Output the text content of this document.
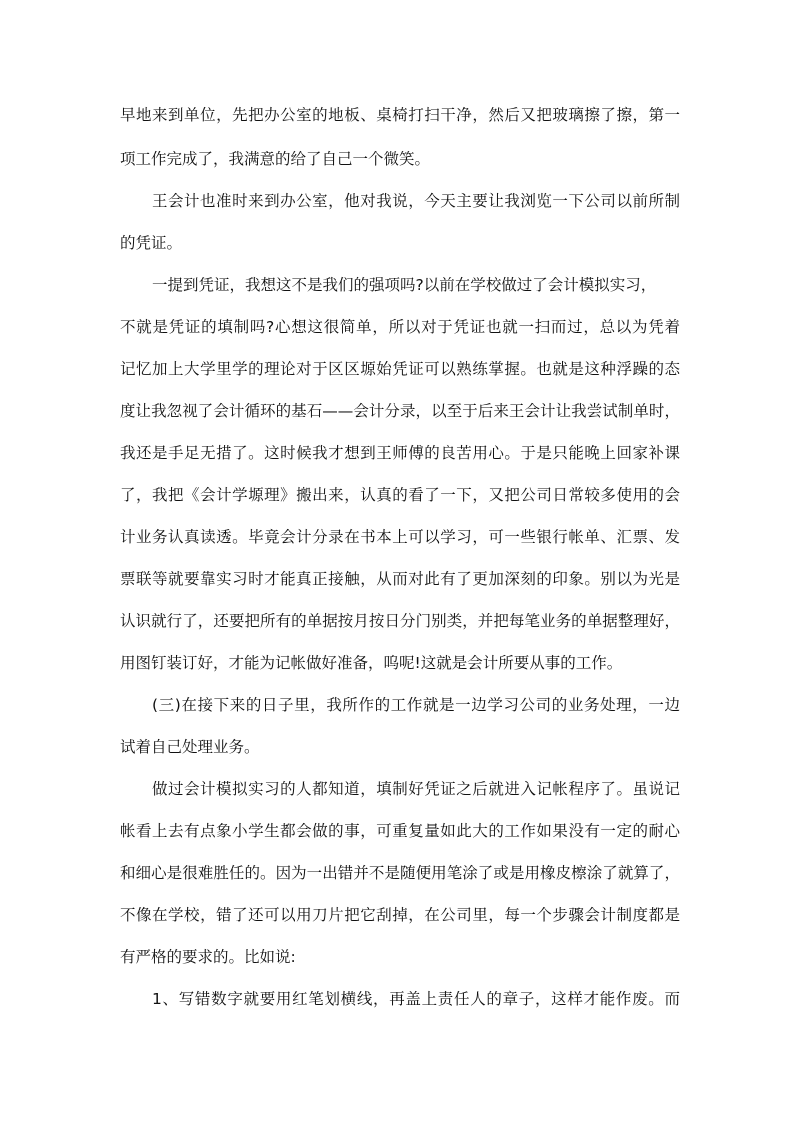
早地来到单位，先把办公室的地板、桌椅打扫干净，然后又把玻璃擦了擦，第一
项工作完成了，我满意的给了自己一个微笑。
王会计也准时来到办公室，他对我说，今天主要让我浏览一下公司以前所制
的凭证。
一提到凭证，我想这不是我们的强项吗?以前在学校做过了会计模拟实习，
不就是凭证的填制吗?心想这很简单，所以对于凭证也就一扫而过，总以为凭着
记忆加上大学里学的理论对于区区塬始凭证可以熟练掌握。也就是这种浮躁的态
度让我忽视了会计循环的基石——会计分录，以至于后来王会计让我尝试制单时，
我还是手足无措了。这时候我才想到王师傅的良苦用心。于是只能晚上回家补课
了，我把《会计学塬理》搬出来，认真的看了一下，又把公司日常较多使用的会
计业务认真读透。毕竟会计分录在书本上可以学习，可一些银行帐单、汇票、发
票联等就要靠实习时才能真正接触，从而对此有了更加深刻的印象。别以为光是
认识就行了，还要把所有的单据按月按日分门别类，并把每笔业务的单据整理好，
用图钉装订好，才能为记帐做好准备，呜呢!这就是会计所要从事的工作。
(三)在接下来的日子里，我所作的工作就是一边学习公司的业务处理，一边
试着自己处理业务。
做过会计模拟实习的人都知道，填制好凭证之后就进入记帐程序了。虽说记
帐看上去有点象小学生都会做的事，可重复量如此大的工作如果没有一定的耐心
和细心是很难胜任的。因为一出错并不是随便用笔涂了或是用橡皮檫涂了就算了，
不像在学校，错了还可以用刀片把它刮掉，在公司里，每一个步骤会计制度都是
有严格的要求的。比如说:
1、写错数字就要用红笔划横线，再盖上责任人的章子，这样才能作废。而
